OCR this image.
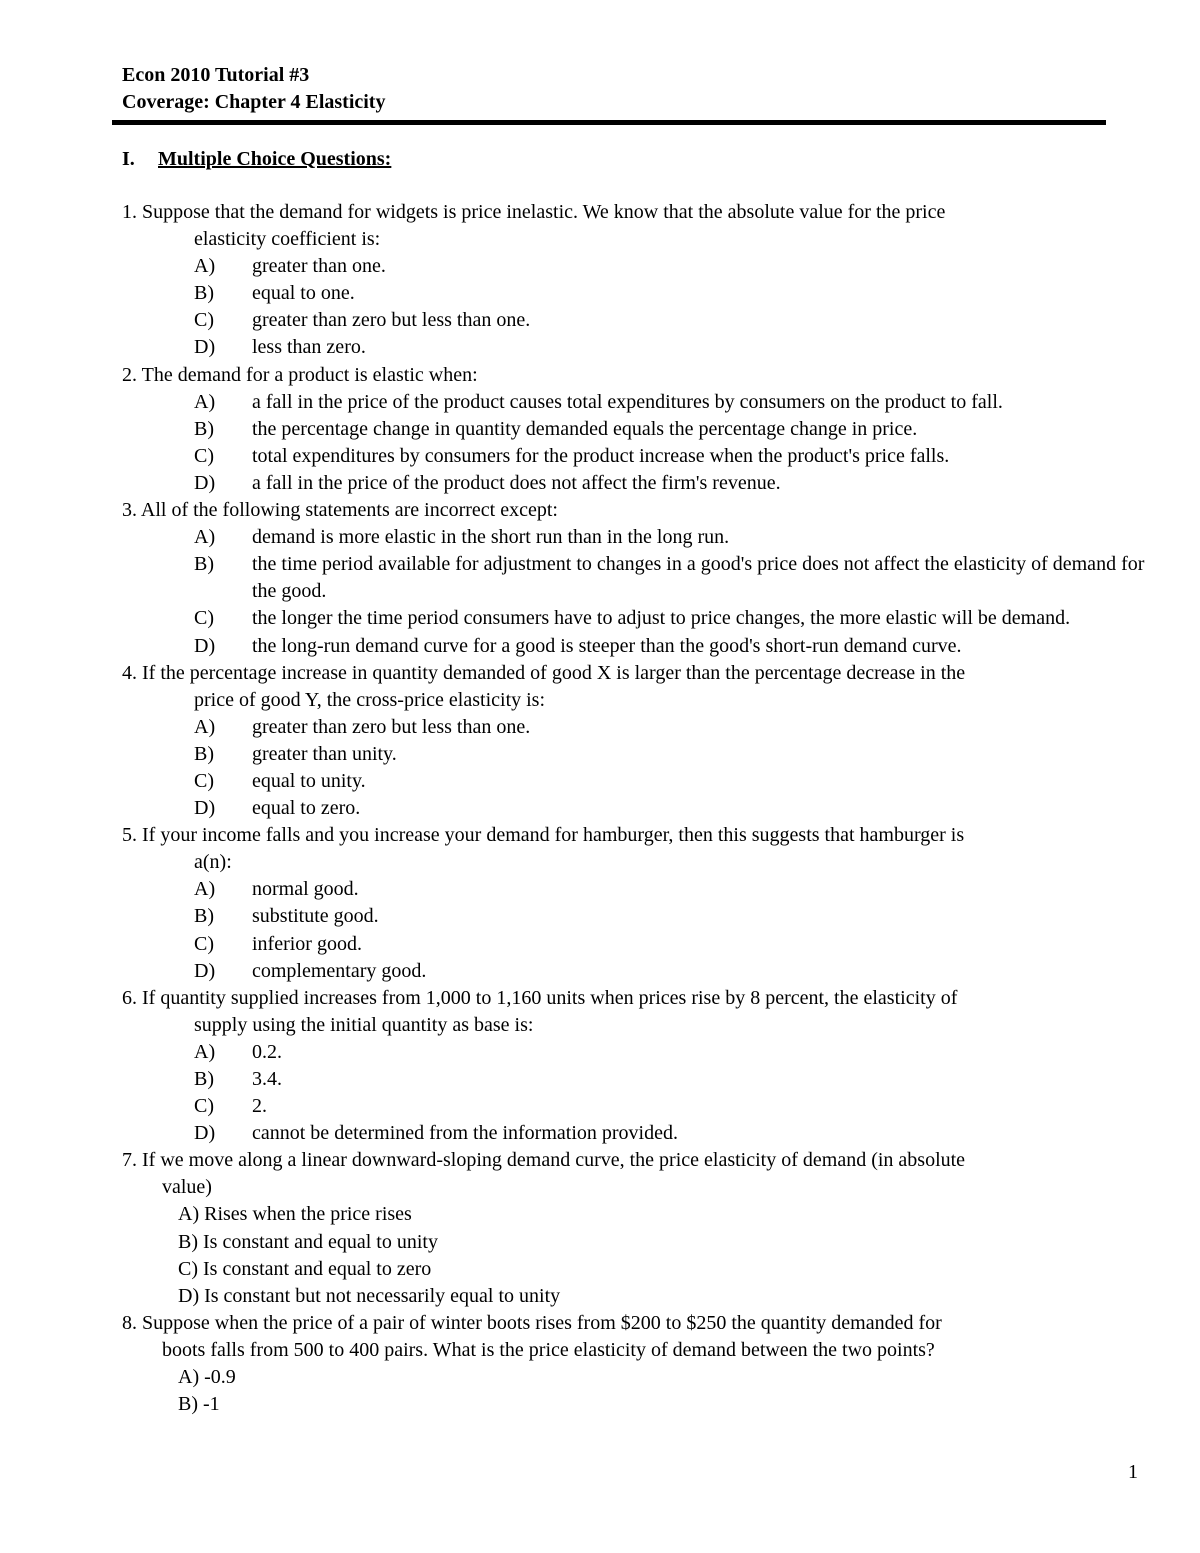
Econ 2010 Tutorial #3
Coverage: Chapter 4 Elasticity
I. Multiple Choice Questions:
1. Suppose that the demand for widgets is price inelastic. We know that the absolute value for the price
elasticity coefficient is:
A)	greater than one.
B)	equal to one.
C)	greater than zero but less than one.
D)	less than zero.
2. The demand for a product is elastic when:
A)	a fall in the price of the product causes total expenditures by consumers on the product to fall.
B)	the percentage change in quantity demanded equals the percentage change in price.
C)	total expenditures by consumers for the product increase when the product's price falls.
D)	a fall in the price of the product does not affect the firm's revenue.
3. All of the following statements are incorrect except:
A)	demand is more elastic in the short run than in the long run.
B)	the time period available for adjustment to changes in a good's price does not affect the elasticity of demand for the good.
C)	the longer the time period consumers have to adjust to price changes, the more elastic will be demand.
D)	the long-run demand curve for a good is steeper than the good's short-run demand curve.
4. If the percentage increase in quantity demanded of good X is larger than the percentage decrease in the
price of good Y, the cross-price elasticity is:
A)	greater than zero but less than one.
B)	greater than unity.
C)	equal to unity.
D)	equal to zero.
5. If your income falls and you increase your demand for hamburger, then this suggests that hamburger is
a(n):
A)	normal good.
B)	substitute good.
C)	inferior good.
D)	complementary good.
6. If quantity supplied increases from 1,000 to 1,160 units when prices rise by 8 percent, the elasticity of
supply using the initial quantity as base is:
A)	0.2.
B)	3.4.
C)	2.
D)	cannot be determined from the information provided.
7. If we move along a linear downward-sloping demand curve, the price elasticity of demand (in absolute
value)
A) Rises when the price rises
B) Is constant and equal to unity
C) Is constant and equal to zero
D) Is constant but not necessarily equal to unity
8. Suppose when the price of a pair of winter boots rises from $200 to $250 the quantity demanded for
boots falls from 500 to 400 pairs. What is the price elasticity of demand between the two points?
A) -0.9
B) -1
1
